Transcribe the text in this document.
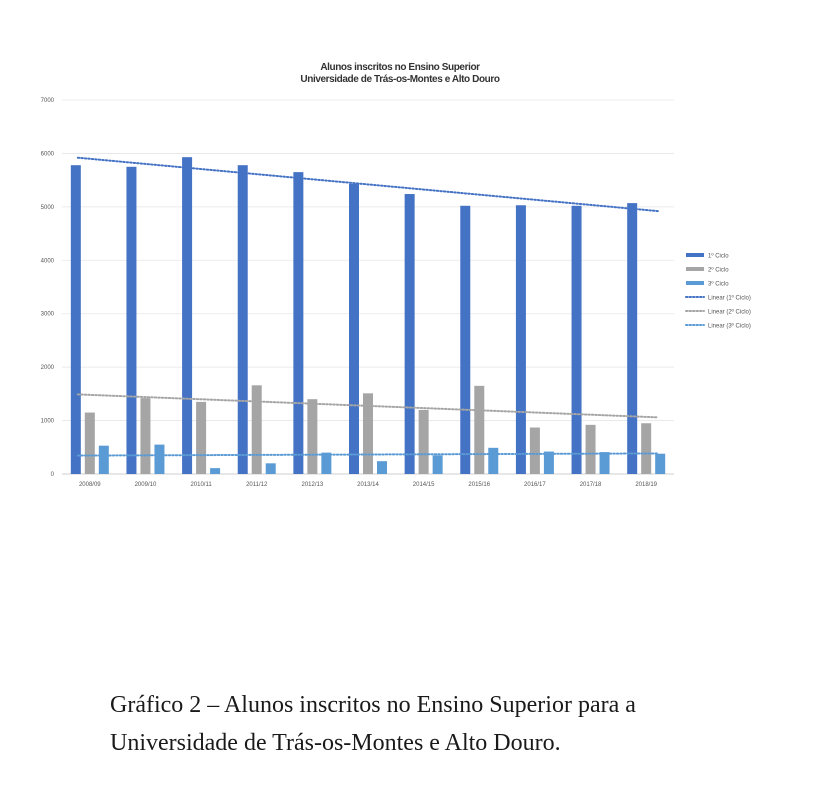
Alunos inscritos no Ensino Superior
Universidade de Trás-os-Montes e Alto Douro
0
1000
2000
3000
4000
5000
6000
7000
2008/09	2009/10	2010/11	2011/12	2012/13	2013/14	2014/15	2015/16	2016/17	2017/18	2018/19
1º Ciclo
2º Ciclo
3º Ciclo
Linear (1º Ciclo)
Linear (2º Ciclo)
Linear (3º Ciclo)
Gráfico 2 – Alunos inscritos no Ensino Superior para a
Universidade de Trás-os-Montes e Alto Douro.
